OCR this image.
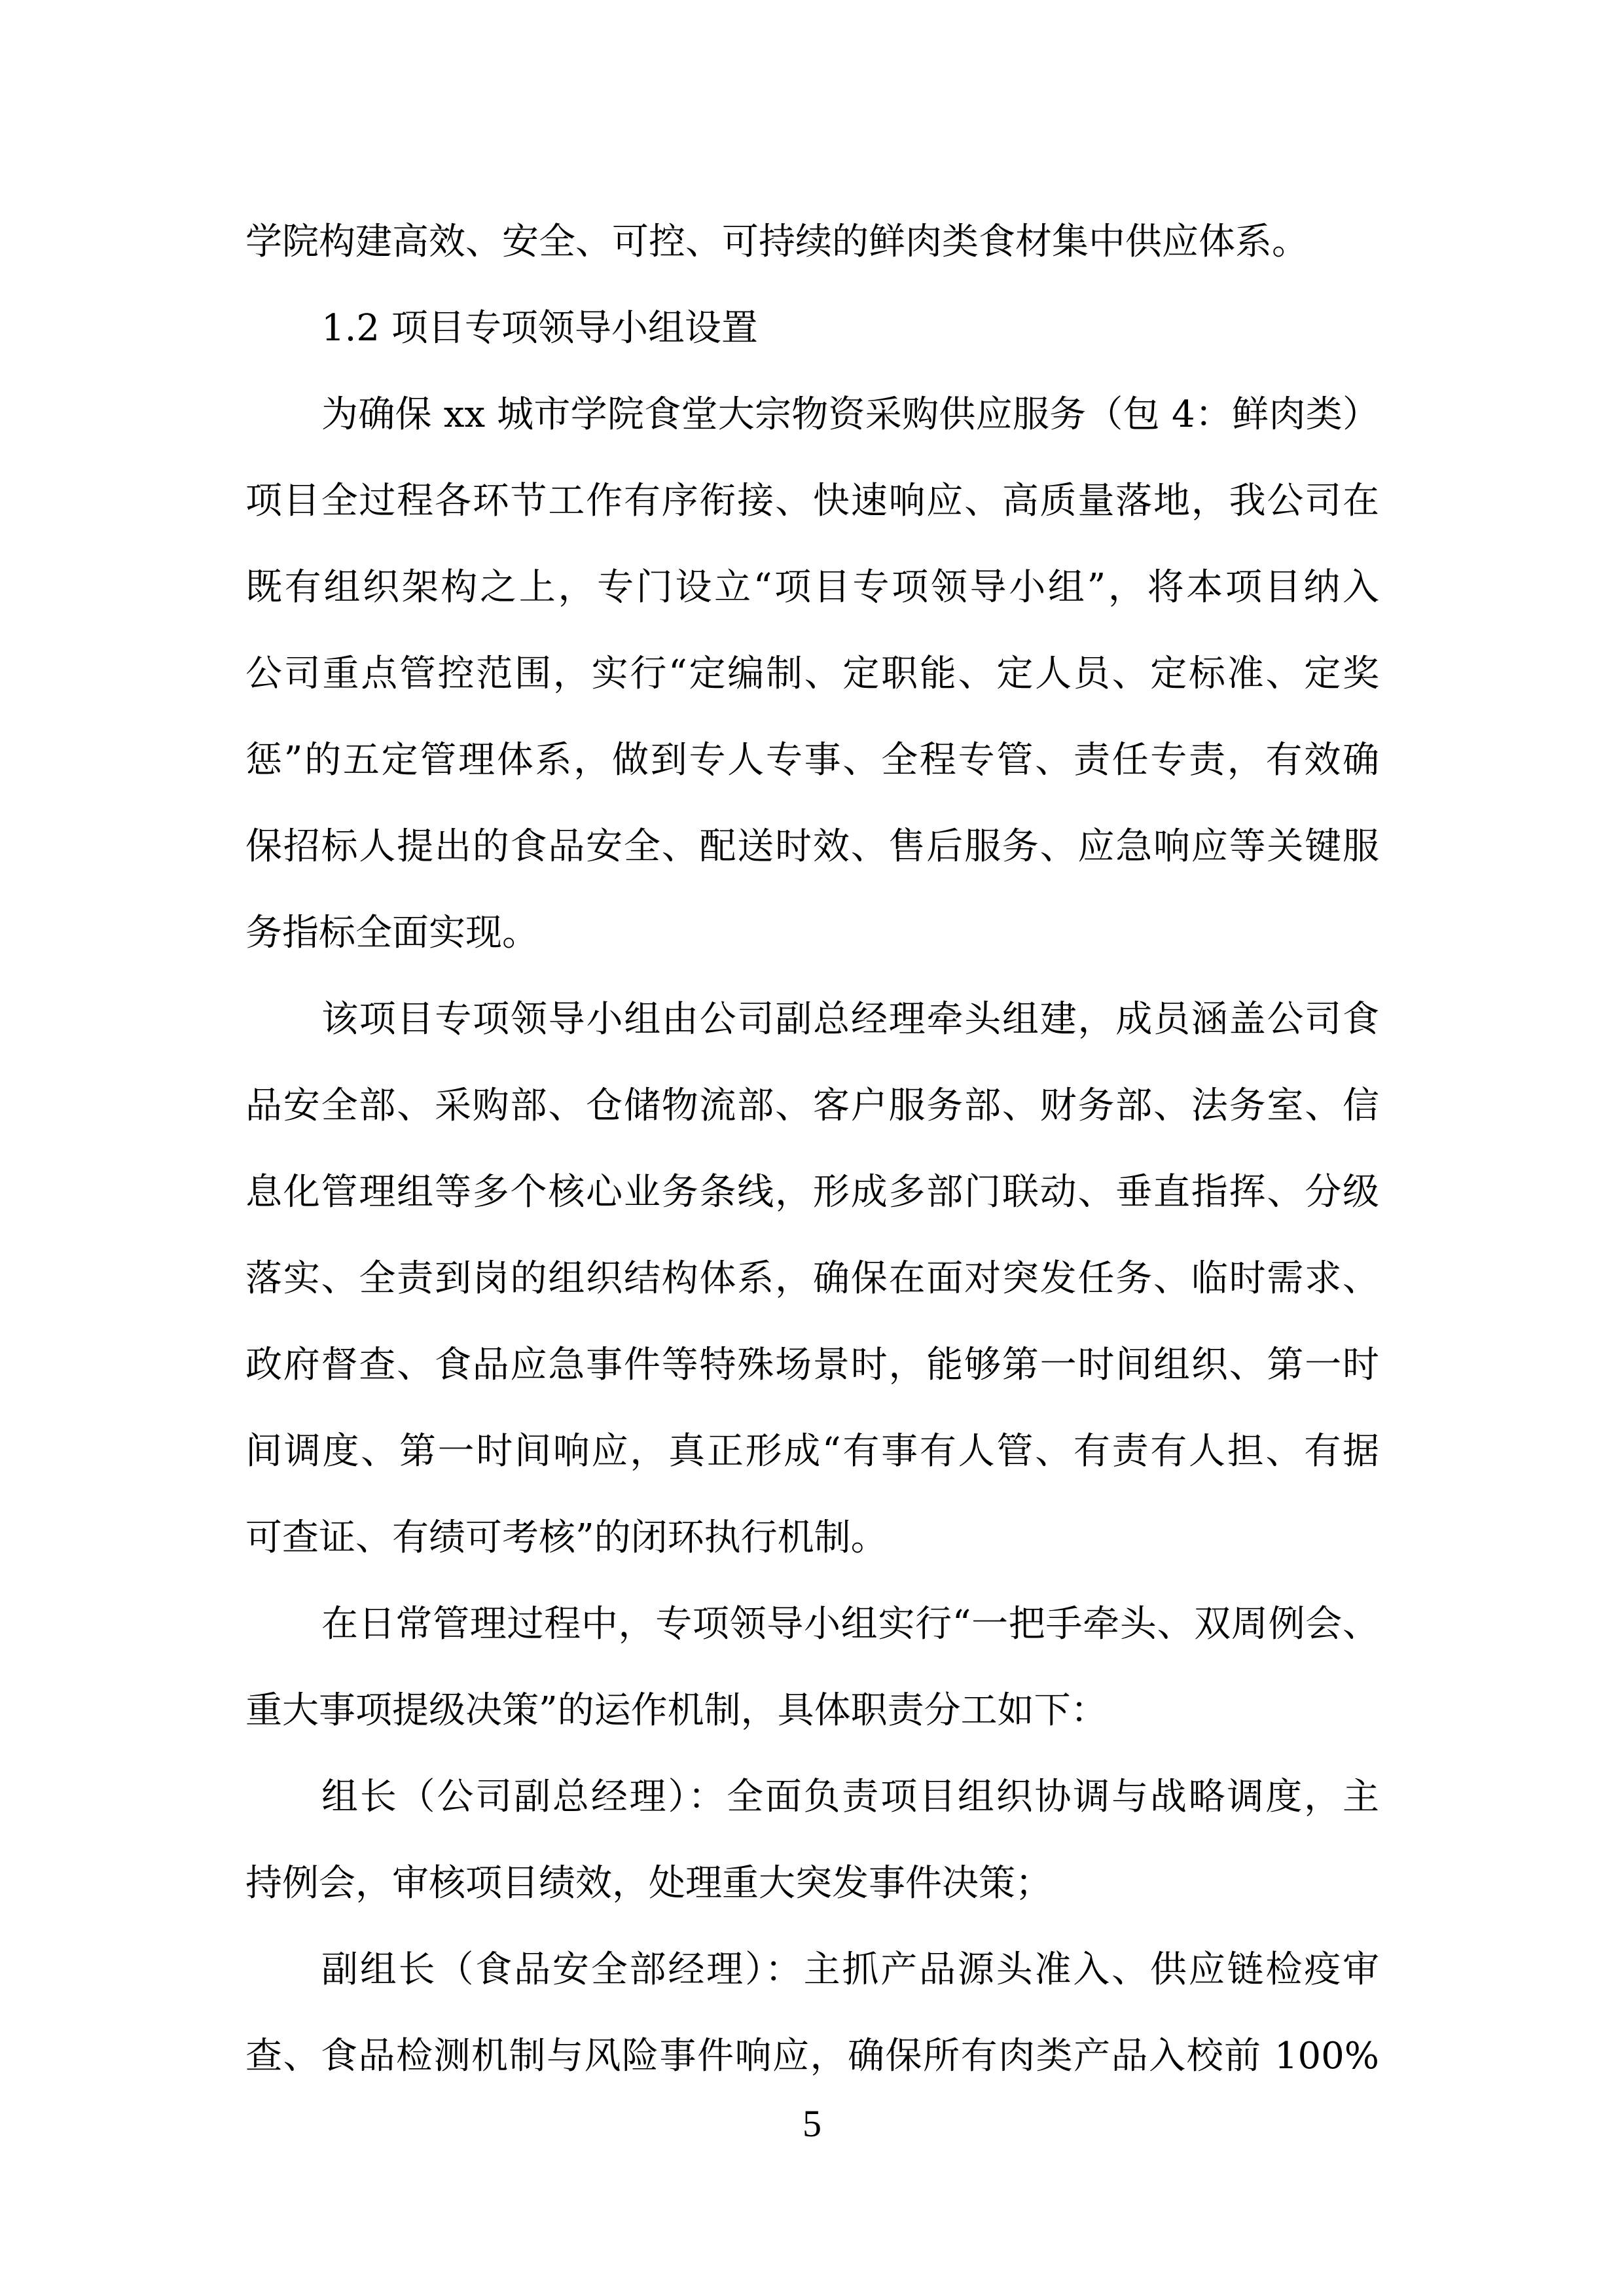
学院构建高效、安全、可控、可持续的鲜肉类食材集中供应体系。
1.2 项目专项领导小组设置
为确保 xx 城市学院食堂大宗物资采购供应服务（包 4：鲜肉类）
项目全过程各环节工作有序衔接、快速响应、高质量落地，我公司在
既有组织架构之上，专门设立“项目专项领导小组”，将本项目纳入
公司重点管控范围，实行“定编制、定职能、定人员、定标准、定奖
惩”的五定管理体系，做到专人专事、全程专管、责任专责，有效确
保招标人提出的食品安全、配送时效、售后服务、应急响应等关键服
务指标全面实现。
该项目专项领导小组由公司副总经理牵头组建，成员涵盖公司食
品安全部、采购部、仓储物流部、客户服务部、财务部、法务室、信
息化管理组等多个核心业务条线，形成多部门联动、垂直指挥、分级
落实、全责到岗的组织结构体系，确保在面对突发任务、临时需求、
政府督查、食品应急事件等特殊场景时，能够第一时间组织、第一时
间调度、第一时间响应，真正形成“有事有人管、有责有人担、有据
可查证、有绩可考核”的闭环执行机制。
在日常管理过程中，专项领导小组实行“一把手牵头、双周例会、
重大事项提级决策”的运作机制，具体职责分工如下：
组长（公司副总经理）：全面负责项目组织协调与战略调度，主
持例会，审核项目绩效，处理重大突发事件决策；
副组长（食品安全部经理）：主抓产品源头准入、供应链检疫审
查、食品检测机制与风险事件响应，确保所有肉类产品入校前 100%
5
